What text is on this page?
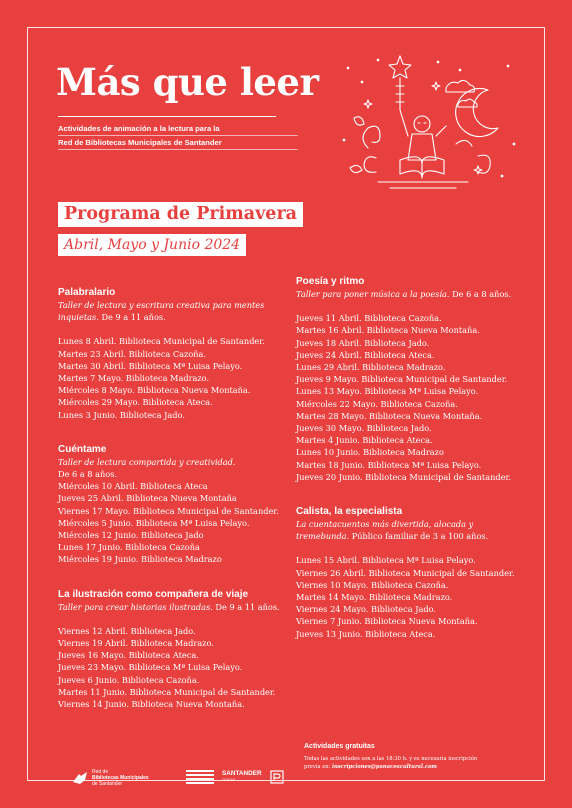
Más que leer
Actividades de animación a la lectura para la
Red de Bibliotecas Municipales de Santander
Programa de Primavera
Abril, Mayo y Junio 2024
Palabralario

Taller de lectura y escritura creativa para mentes inquietas. De 9 a 11 años.

Lunes 8 Abril. Biblioteca Municipal de Santander.
Martes 23 Abril. Biblioteca Cazoña.
Martes 30 Abril. Biblioteca Mª Luisa Pelayo.
Martes 7 Mayo. Biblioteca Madrazo.
Miércoles 8 Mayo. Biblioteca Nueva Montaña.
Miércoles 29 Mayo. Biblioteca Ateca.
Lunes 3 Junio. Biblioteca Jado.
Cuéntame

Taller de lectura compartida y creatividad.
De 6 a 8 años.

Miércoles 10 Abril. Biblioteca Ateca
Jueves 25 Abril. Biblioteca Nueva Montaña
Viernes 17 Mayo. Biblioteca Municipal de Santander.
Miércoles 5 Junio. Biblioteca Mª Luisa Pelayo.
Miércoles 12 Junio. Biblioteca Jado
Lunes 17 Junio. Biblioteca Cazoña
Miércoles 19 Junio. Biblioteca Madrazo
La ilustración como compañera de viaje

Taller para crear historias ilustradas. De 9 a 11 años.

Viernes 12 Abril. Biblioteca Jado.
Viernes 19 Abril. Biblioteca Madrazo.
Jueves 16 Mayo. Biblioteca Ateca.
Jueves 23 Mayo. Biblioteca Mª Luisa Pelayo.
Jueves 6 Junio. Biblioteca Cazoña.
Martes 11 Junio. Biblioteca Municipal de Santander.
Viernes 14 Junio. Biblioteca Nueva Montaña.
Poesía y ritmo

Taller para poner música a la poesía. De 6 a 8 años.

Jueves 11 Abril. Biblioteca Cazoña.
Martes 16 Abril. Biblioteca Nueva Montaña.
Jueves 18 Abril. Biblioteca Jado.
Jueves 24 Abril. Biblioteca Ateca.
Lunes 29 Abril. Biblioteca Madrazo.
Jueves 9 Mayo. Biblioteca Municipal de Santander.
Lunes 13 Mayo. Biblioteca Mª Luisa Pelayo.
Miércoles 22 Mayo. Biblioteca Cazoña.
Martes 28 Mayo. Biblioteca Nueva Montaña.
Jueves 30 Mayo. Biblioteca Jado.
Martes 4 Junio. Biblioteca Ateca.
Lunes 10 Junio. Biblioteca Madrazo
Martes 18 Junio. Biblioteca Mª Luisa Pelayo.
Jueves 20 Junio. Biblioteca Municipal de Santander.
Calista, la especialista

La cuentacuentos más divertida, alocada y tremebunda. Público familiar de 3 a 100 años.

Lunes 15 Abril. Biblioteca Mª Luisa Pelayo.
Viernes 26 Abril. Biblioteca Municipal de Santander.
Viernes 10 Mayo. Biblioteca Cazoña.
Martes 14 Mayo. Biblioteca Madrazo.
Viernes 24 Mayo. Biblioteca Jado.
Viernes 7 Junio. Biblioteca Nueva Montaña.
Jueves 13 Junio. Biblioteca Ateca.
Actividades gratuitas
Todas las actividades son a las 18:30 h. y es necesaria inscripción
previa en: inscripciones@panaceacultural.com
Red de
Bibliotecas Municipales
de Santander
SANTANDER
CIUDAD
